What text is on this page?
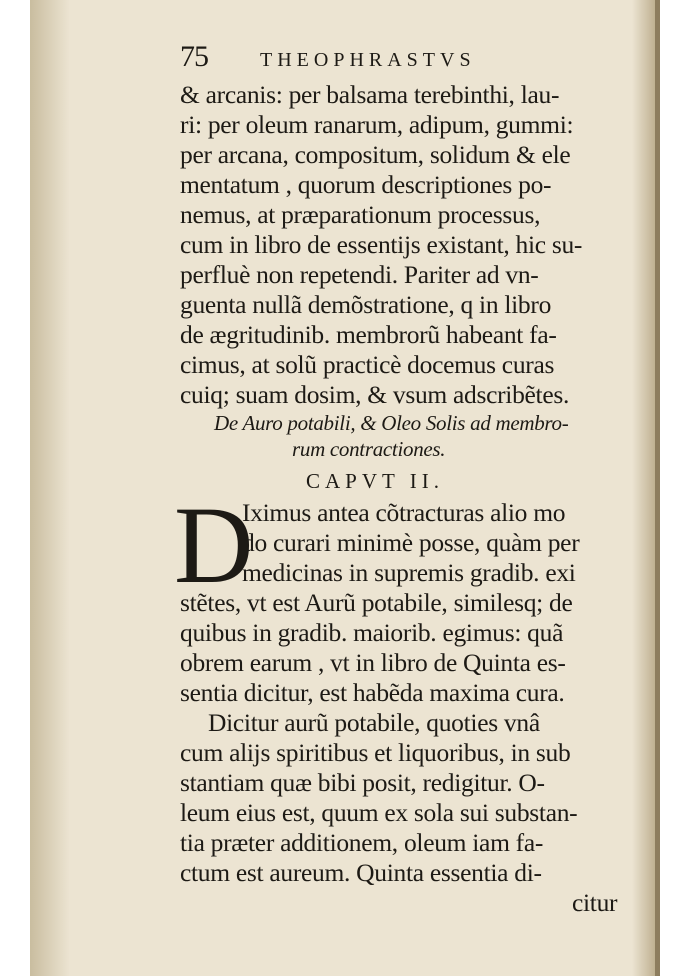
75	THEOPHRASTVS
& arcanis: per balsama terebinthi, lau-
ri: per oleum ranarum, adipum, gummi:
per arcana, compositum, solidum & ele
mentatum , quorum descriptiones po-
nemus, at præparationum processus,
cum in libro de essentijs existant, hic su-
perfluè non repetendi. Pariter ad vn-
guenta nullã demõstratione, q in libro
de ægritudinib. membrorũ habeant fa-
cimus, at solũ practicè docemus curas
cuiq; suam dosim, & vsum adscribẽtes.
De Auro potabili, & Oleo Solis ad membro-
rum contractiones.
CAPVT II.
D
Iximus antea cõtracturas alio mo
do curari minimè posse, quàm per
medicinas in supremis gradib. exi
stẽtes, vt est Aurũ potabile, similesq; de
quibus in gradib. maiorib. egimus: quã
obrem earum , vt in libro de Quinta es-
sentia dicitur, est habẽda maxima cura.
Dicitur aurũ potabile, quoties vnâ
cum alijs spiritibus et liquoribus, in sub
stantiam quæ bibi posit, redigitur. O-
leum eius est, quum ex sola sui substan-
tia præter additionem, oleum iam fa-
ctum est aureum. Quinta essentia di-
citur
